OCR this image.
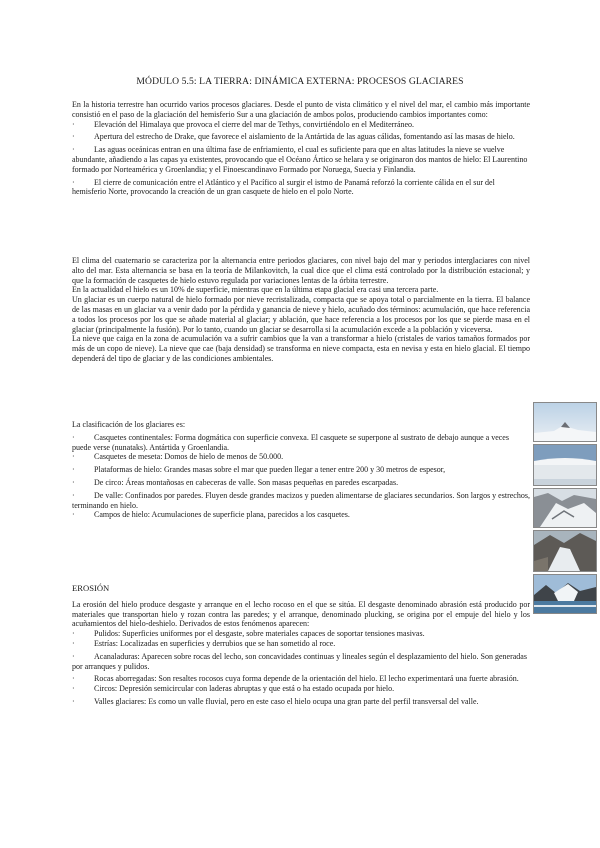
MÓDULO 5.5: LA TIERRA: DINÁMICA EXTERNA: PROCESOS GLACIARES

En la historia terrestre han ocurrido varios procesos glaciares. Desde el punto de vista climático y el nivel del mar, el cambio más importante consistió en el paso de la glaciación del hemisferio Sur a una glaciación de ambos polos, produciendo cambios importantes como:

· Elevación del Himalaya que provoca el cierre del mar de Tethys, convirtiéndolo en el Mediterráneo.

· Apertura del estrecho de Drake, que favorece el aislamiento de la Antártida de las aguas cálidas, fomentando así las masas de hielo.

· Las aguas oceánicas entran en una última fase de enfriamiento, el cual es suficiente para que en altas latitudes la nieve se vuelve abundante, añadiendo a las capas ya existentes, provocando que el Océano Ártico se helara y se originaron dos mantos de hielo: El Laurentino formado por Norteamérica y Groenlandia; y el Finoescandinavo Formado por Noruega, Suecia y Finlandia.

· El cierre de comunicación entre el Atlántico y el Pacífico al surgir el istmo de Panamá reforzó la corriente cálida en el sur del hemisferio Norte, provocando la creación de un gran casquete de hielo en el polo Norte.

El clima del cuaternario se caracteriza por la alternancia entre periodos glaciares, con nivel bajo del mar y periodos interglaciares con nivel alto del mar. Esta alternancia se basa en la teoría de Milankovitch, la cual dice que el clima está controlado por la distribución estacional; y que la formación de casquetes de hielo estuvo regulada por variaciones lentas de la órbita terrestre.

En la actualidad el hielo es un 10% de superficie, mientras que en la última etapa glacial era casi una tercera parte.

Un glaciar es un cuerpo natural de hielo formado por nieve recristalizada, compacta que se apoya total o parcialmente en la tierra. El balance de las masas en un glaciar va a venir dado por la pérdida y ganancia de nieve y hielo, acuñado dos términos: acumulación, que hace referencia a todos los procesos por los que se añade material al glaciar; y ablación, que hace referencia a los procesos por los que se pierde masa en el glaciar (principalmente la fusión). Por lo tanto, cuando un glaciar se desarrolla si la acumulación excede a la población y viceversa.

La nieve que caiga en la zona de acumulación va a sufrir cambios que la van a transformar a hielo (cristales de varios tamaños formados por más de un copo de nieve). La nieve que cae (baja densidad) se transforma en nieve compacta, esta en nevisa y esta en hielo glacial. El tiempo dependerá del tipo de glaciar y de las condiciones ambientales.

La clasificación de los glaciares es:

· Casquetes continentales: Forma dogmática con superficie convexa. El casquete se superpone al sustrato de debajo aunque a veces puede verse (nunataks). Antártida y Groenlandia.

· Casquetes de meseta: Domos de hielo de menos de 50.000.

· Plataformas de hielo: Grandes masas sobre el mar que pueden llegar a tener entre 200 y 30 metros de espesor,

· De circo: Áreas montañosas en cabeceras de valle. Son masas pequeñas en paredes escarpadas.

· De valle: Confinados por paredes. Fluyen desde grandes macizos y pueden alimentarse de glaciares secundarios. Son largos y estrechos, terminando en hielo.

· Campos de hielo: Acumulaciones de superficie plana, parecidos a los casquetes.

EROSIÓN

La erosión del hielo produce desgaste y arranque en el lecho rocoso en el que se sitúa. El desgaste denominado abrasión está producido por materiales que transportan hielo y rozan contra las paredes; y el arranque, denominado plucking, se origina por el empuje del hielo y los acuñamientos del hielo-deshielo. Derivados de estos fenómenos aparecen:

· Pulidos: Superficies uniformes por el desgaste, sobre materiales capaces de soportar tensiones masivas.

· Estrías: Localizadas en superficies y derrubios que se han sometido al roce.

· Acanaladuras: Aparecen sobre rocas del lecho, son concavidades continuas y lineales según el desplazamiento del hielo. Son generadas por arranques y pulidos.

· Rocas aborregadas: Son resaltes rocosos cuya forma depende de la orientación del hielo. El lecho experimentará una fuerte abrasión.

· Circos: Depresión semicircular con laderas abruptas y que está o ha estado ocupada por hielo.

· Valles glaciares: Es como un valle fluvial, pero en este caso el hielo ocupa una gran parte del perfil transversal del valle.
